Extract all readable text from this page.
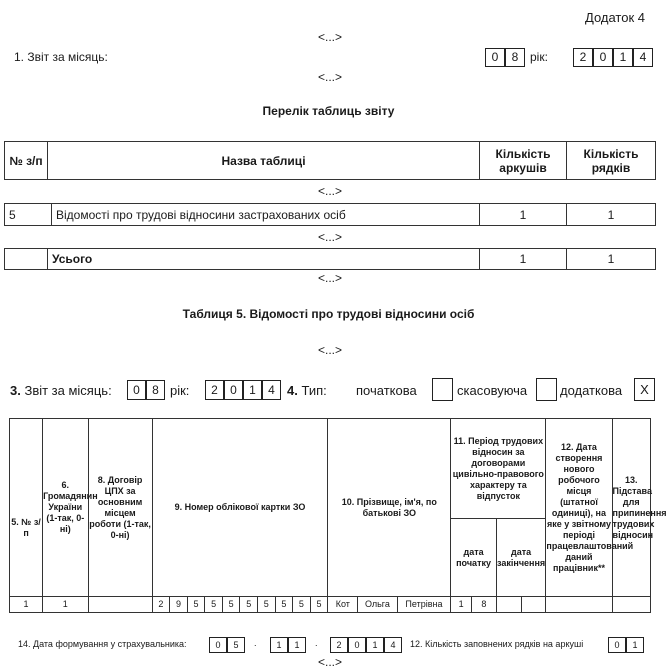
Додаток 4
<...>
1. Звіт за місяць:	0	8 рік:	2	0	1	4
<...>
Перелік таблиць звіту
№ з/п	Назва таблиці	Кількість аркушів	Кількість рядків
<...>
5	Відомості про трудові відносини застрахованих осіб	1	1
<...>
	Усього	1	1
<...>
Таблиця 5. Відомості про трудові відносини осіб
<...>
3. Звіт за місяць:	0	8 рік:	2	0	1	4 4. Тип: початкова	скасовуюча	додаткова	X
5. № з/п	6. Громадянин України (1-так, 0-ні)	8. Договір ЦПХ за основним місцем роботи (1-так, 0-ні)	9. Номер облікової картки ЗО										10. Прізвище, ім'я, по батькові ЗО			11. Період трудових відносин за договорами цивільно-правового характеру та відпусток				12. Дата створення нового робочого місця (штатної одиниці), на яке у звітному періоді працевлаштований даний працівник**	13. Підстава для припинення трудових відносин
																дата початку		дата закінчення			
1	1		2	9	5	5	5	5	5	5	5	5	Кот	Ольга	Петрівна	1	8				
14. Дата формування у страхувальника:	0	5	.	1	1	.	2	0	1	4	12. Кількість заповнених рядків на аркуші	0	1
<...>
